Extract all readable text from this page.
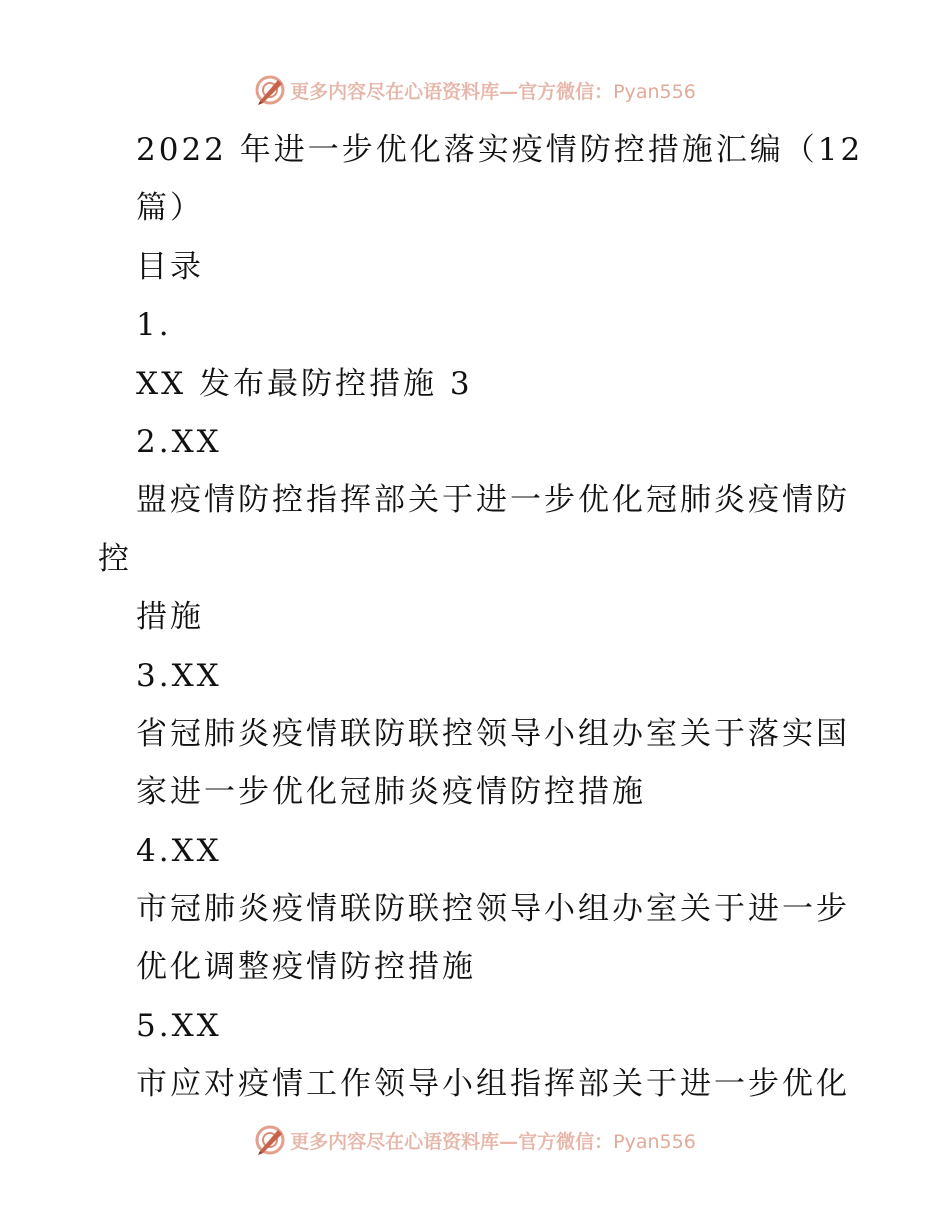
更多内容尽在心语资料库—官方微信：Pyan556
2022 年进一步优化落实疫情防控措施汇编（12
篇）
目录
1.
XX 发布最防控措施 3
2.XX
盟疫情防控指挥部关于进一步优化冠肺炎疫情防
控
措施
3.XX
省冠肺炎疫情联防联控领导小组办室关于落实国
家进一步优化冠肺炎疫情防控措施
4.XX
市冠肺炎疫情联防联控领导小组办室关于进一步
优化调整疫情防控措施
5.XX
市应对疫情工作领导小组指挥部关于进一步优化
更多内容尽在心语资料库—官方微信：Pyan556
